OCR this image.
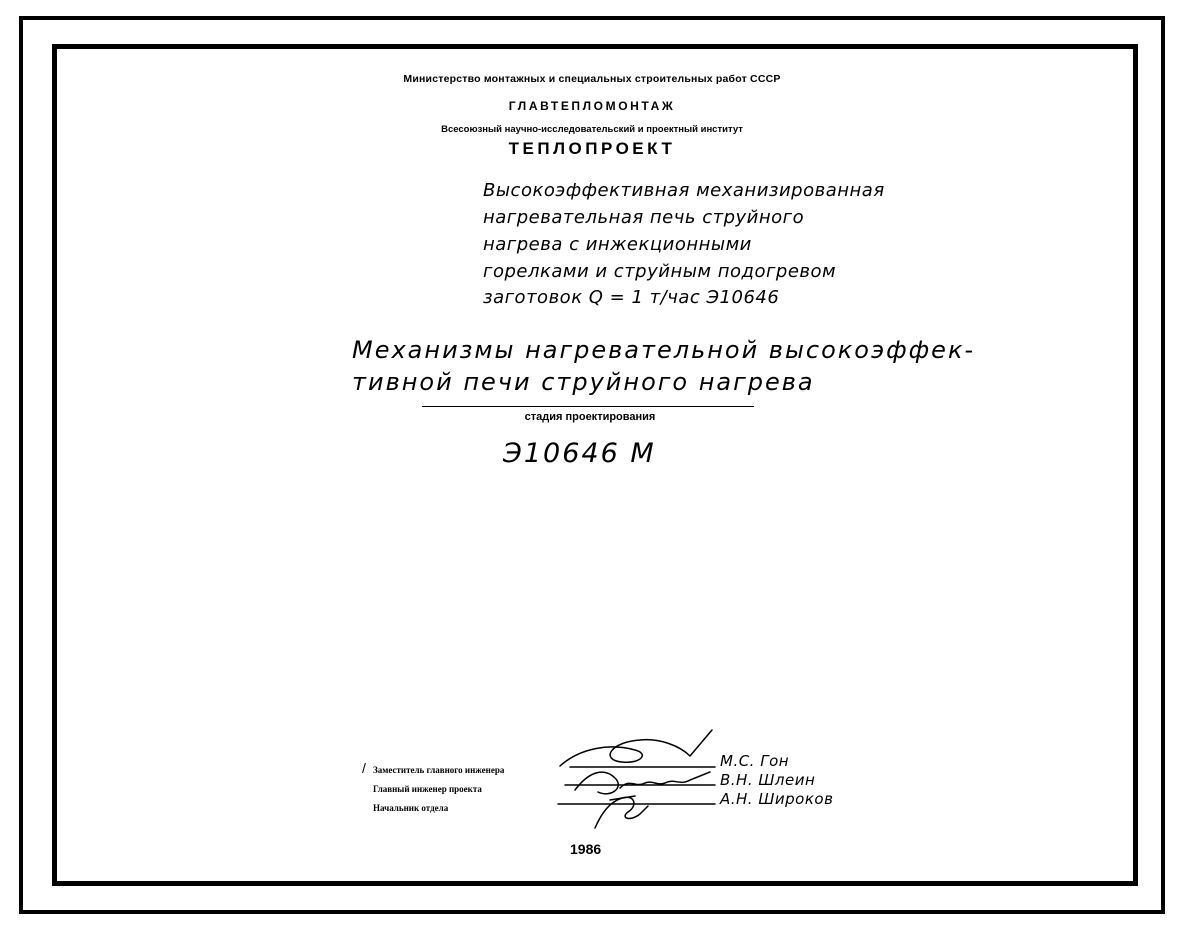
Министерство монтажных и специальных строительных работ СССР
ГЛАВТЕПЛОМОНТАЖ
Всесоюзный научно-исследовательский и проектный институт
ТЕПЛОПРОЕКТ
Высокоэффективная механизированная
нагревательная печь струйного
нагрева с инжекционными
горелками и струйным подогревом
заготовок Q = 1 т/час Э10646
Механизмы нагревательной высокоэффек-
тивной печи струйного нагрева
стадия проектирования
Э10646 М
/ Заместитель главного инженера
Главный инженер проекта
Начальник отдела
М.С. Гон
В.Н. Шлеин
А.Н. Широков
1986
